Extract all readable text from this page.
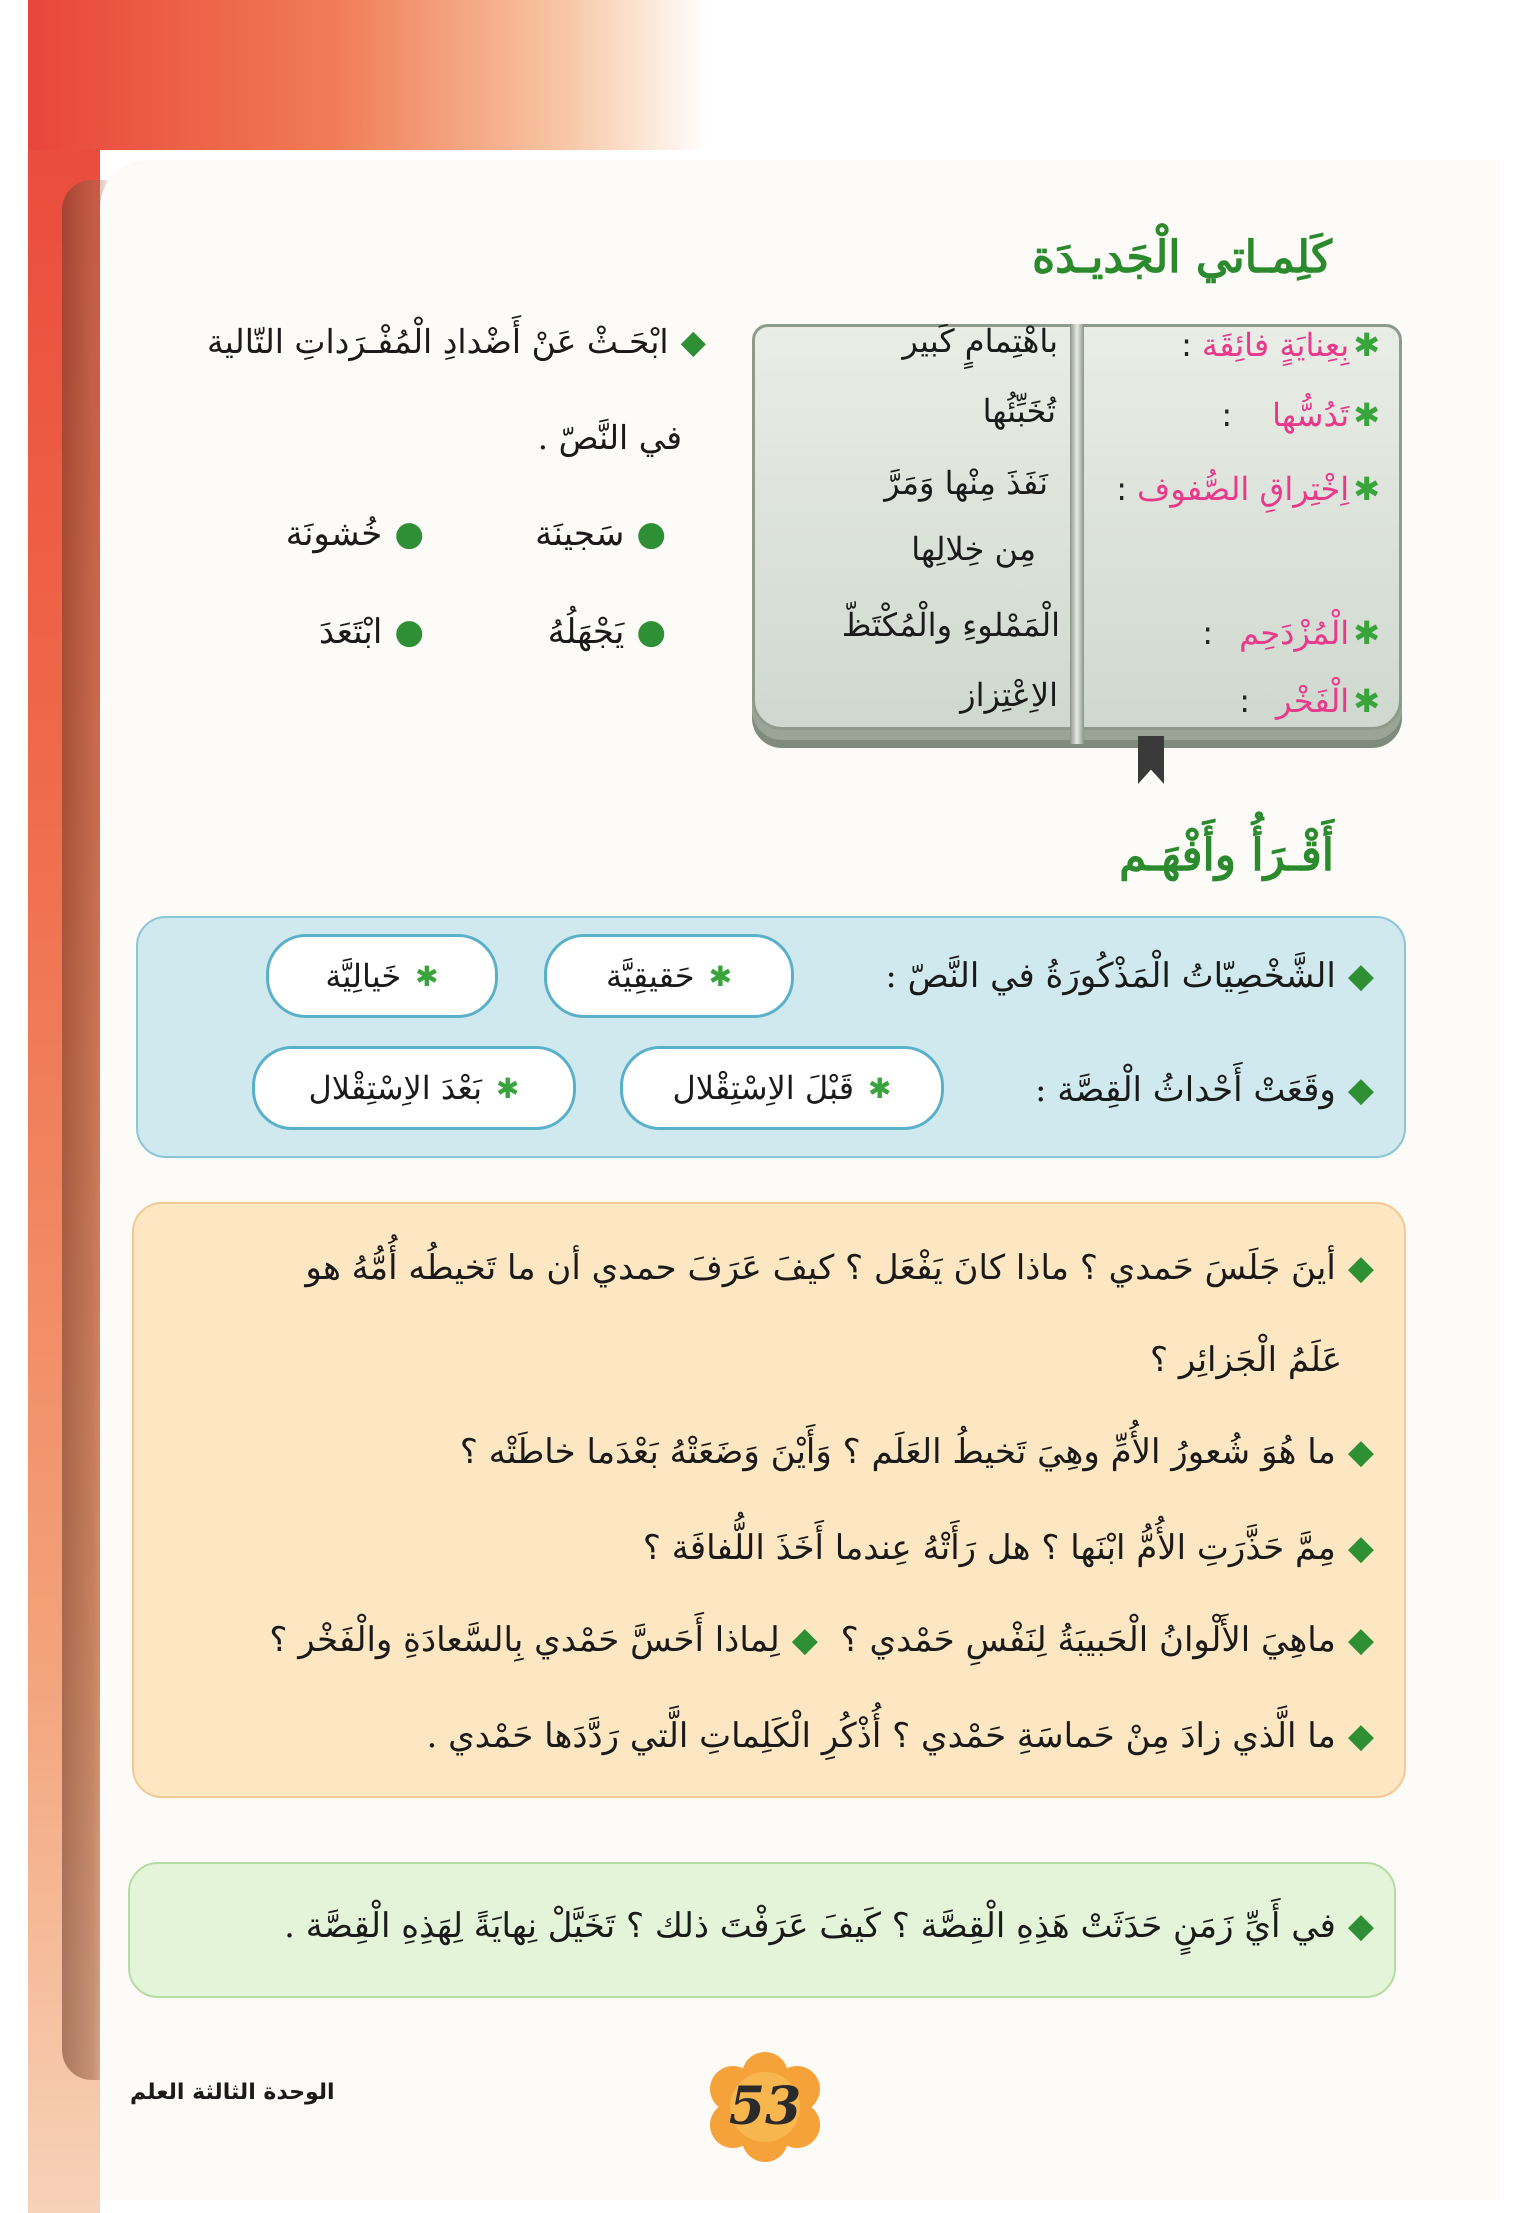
كَلِمـاتي الْجَديـدَة
✱بِعِنايَةٍ فائِقَة:
باهْتِمامٍ كَبير
✱تَدُسُّها:
تُخَبِّئُها
✱اِخْتِراقِ الصُّفوف:
نَفَذَ مِنْها وَمَرَّ
مِن خِلالِها
✱الْمُزْدَحِم:
الْمَمْلوءِ والْمُكْتَظّ
✱الْفَخْر:
الاِعْتِزاز
◆ابْحَـثْ عَنْ أَضْدادِ الْمُفْـرَداتِ التّالية
في النَّصّ .
●سَجينَة
●خُشونَة
●يَجْهَلُهُ
●ابْتَعَدَ
أَقْـرَأُ وأَفْهَـم
◆الشَّخْصِيّاتُ الْمَذْكُورَةُ في النَّصّ :
✱
حَقيقِيَّة
✱
خَيالِيَّة
◆وقَعَتْ أَحْداثُ الْقِصَّة :
✱
قَبْلَ الاِسْتِقْلال
✱
بَعْدَ الاِسْتِقْلال
◆أينَ جَلَسَ حَمدي ؟ ماذا كانَ يَفْعَل ؟ كيفَ عَرَفَ حمدي أن ما تَخيطُه أُمُّهُ هو
عَلَمُ الْجَزائِر ؟
◆ما هُوَ شُعورُ الأُمِّ وهِيَ تَخيطُ العَلَم ؟ وَأَيْنَ وَضَعَتْهُ بَعْدَما خاطَتْه ؟
◆مِمَّ حَذَّرَتِ الأُمُّ ابْنَها ؟ هل رَأَتْهُ عِندما أَخَذَ اللُّفافَة ؟
◆ماهِيَ الأَلْوانُ الْحَبيبَةُ لِنَفْسِ حَمْدي ؟ ◆لِماذا أَحَسَّ حَمْدي بِالسَّعادَةِ والْفَخْر ؟
◆ما الَّذي زادَ مِنْ حَماسَةِ حَمْدي ؟ أُذْكُرِ الْكَلِماتِ الَّتي رَدَّدَها حَمْدي .
◆في أَيِّ زَمَنٍ حَدَثَتْ هَذِهِ الْقِصَّة ؟ كَيفَ عَرَفْتَ ذلك ؟ تَخَيَّلْ نِهايَةً لِهَذِهِ الْقِصَّة .
الوحدة الثالثة العلم	53
